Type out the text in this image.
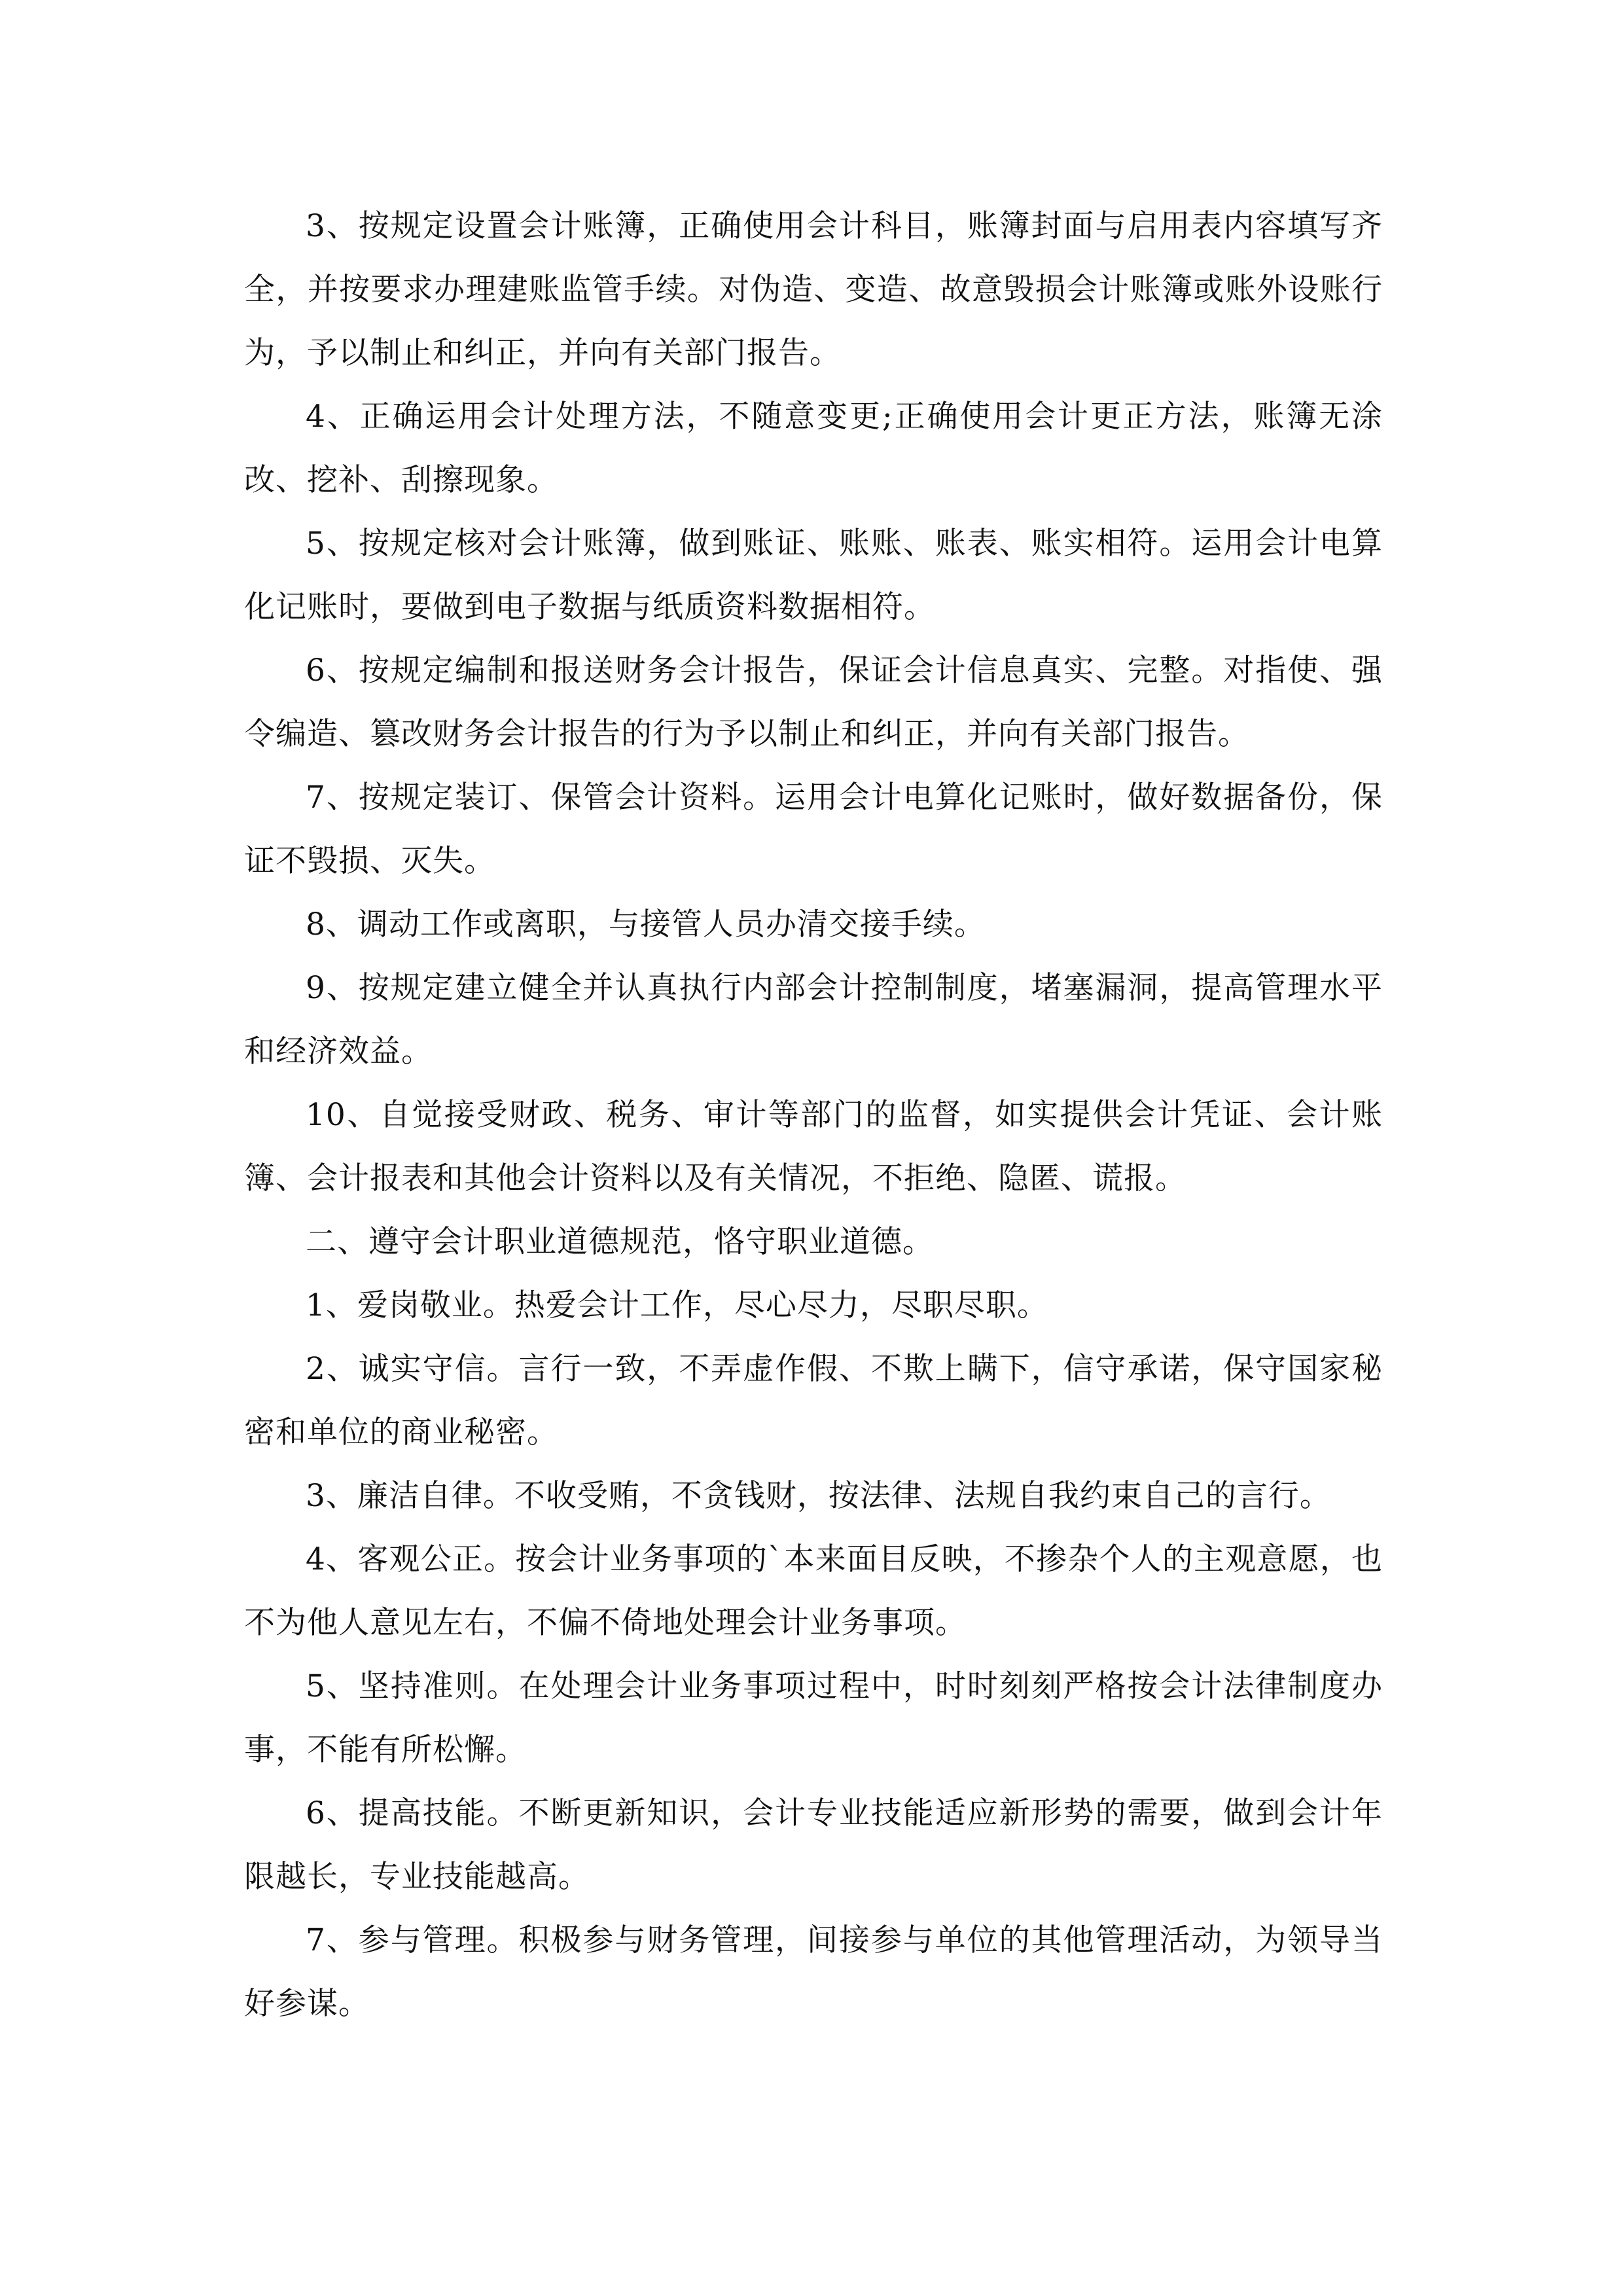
3、按规定设置会计账簿，正确使用会计科目，账簿封面与启用表内容填写齐全，并按要求办理建账监管手续。对伪造、变造、故意毁损会计账簿或账外设账行为，予以制止和纠正，并向有关部门报告。

4、正确运用会计处理方法，不随意变更;正确使用会计更正方法，账簿无涂改、挖补、刮擦现象。

5、按规定核对会计账簿，做到账证、账账、账表、账实相符。运用会计电算化记账时，要做到电子数据与纸质资料数据相符。

6、按规定编制和报送财务会计报告，保证会计信息真实、完整。对指使、强令编造、篡改财务会计报告的行为予以制止和纠正，并向有关部门报告。

7、按规定装订、保管会计资料。运用会计电算化记账时，做好数据备份，保证不毁损、灭失。

8、调动工作或离职，与接管人员办清交接手续。

9、按规定建立健全并认真执行内部会计控制制度，堵塞漏洞，提高管理水平和经济效益。

10、自觉接受财政、税务、审计等部门的监督，如实提供会计凭证、会计账簿、会计报表和其他会计资料以及有关情况，不拒绝、隐匿、谎报。

二、遵守会计职业道德规范，恪守职业道德。

1、爱岗敬业。热爱会计工作，尽心尽力，尽职尽职。

2、诚实守信。言行一致，不弄虚作假、不欺上瞒下，信守承诺，保守国家秘密和单位的商业秘密。

3、廉洁自律。不收受贿，不贪钱财，按法律、法规自我约束自己的言行。

4、客观公正。按会计业务事项的`本来面目反映，不掺杂个人的主观意愿，也不为他人意见左右，不偏不倚地处理会计业务事项。

5、坚持准则。在处理会计业务事项过程中，时时刻刻严格按会计法律制度办事，不能有所松懈。

6、提高技能。不断更新知识，会计专业技能适应新形势的需要，做到会计年限越长，专业技能越高。

7、参与管理。积极参与财务管理，间接参与单位的其他管理活动，为领导当好参谋。
